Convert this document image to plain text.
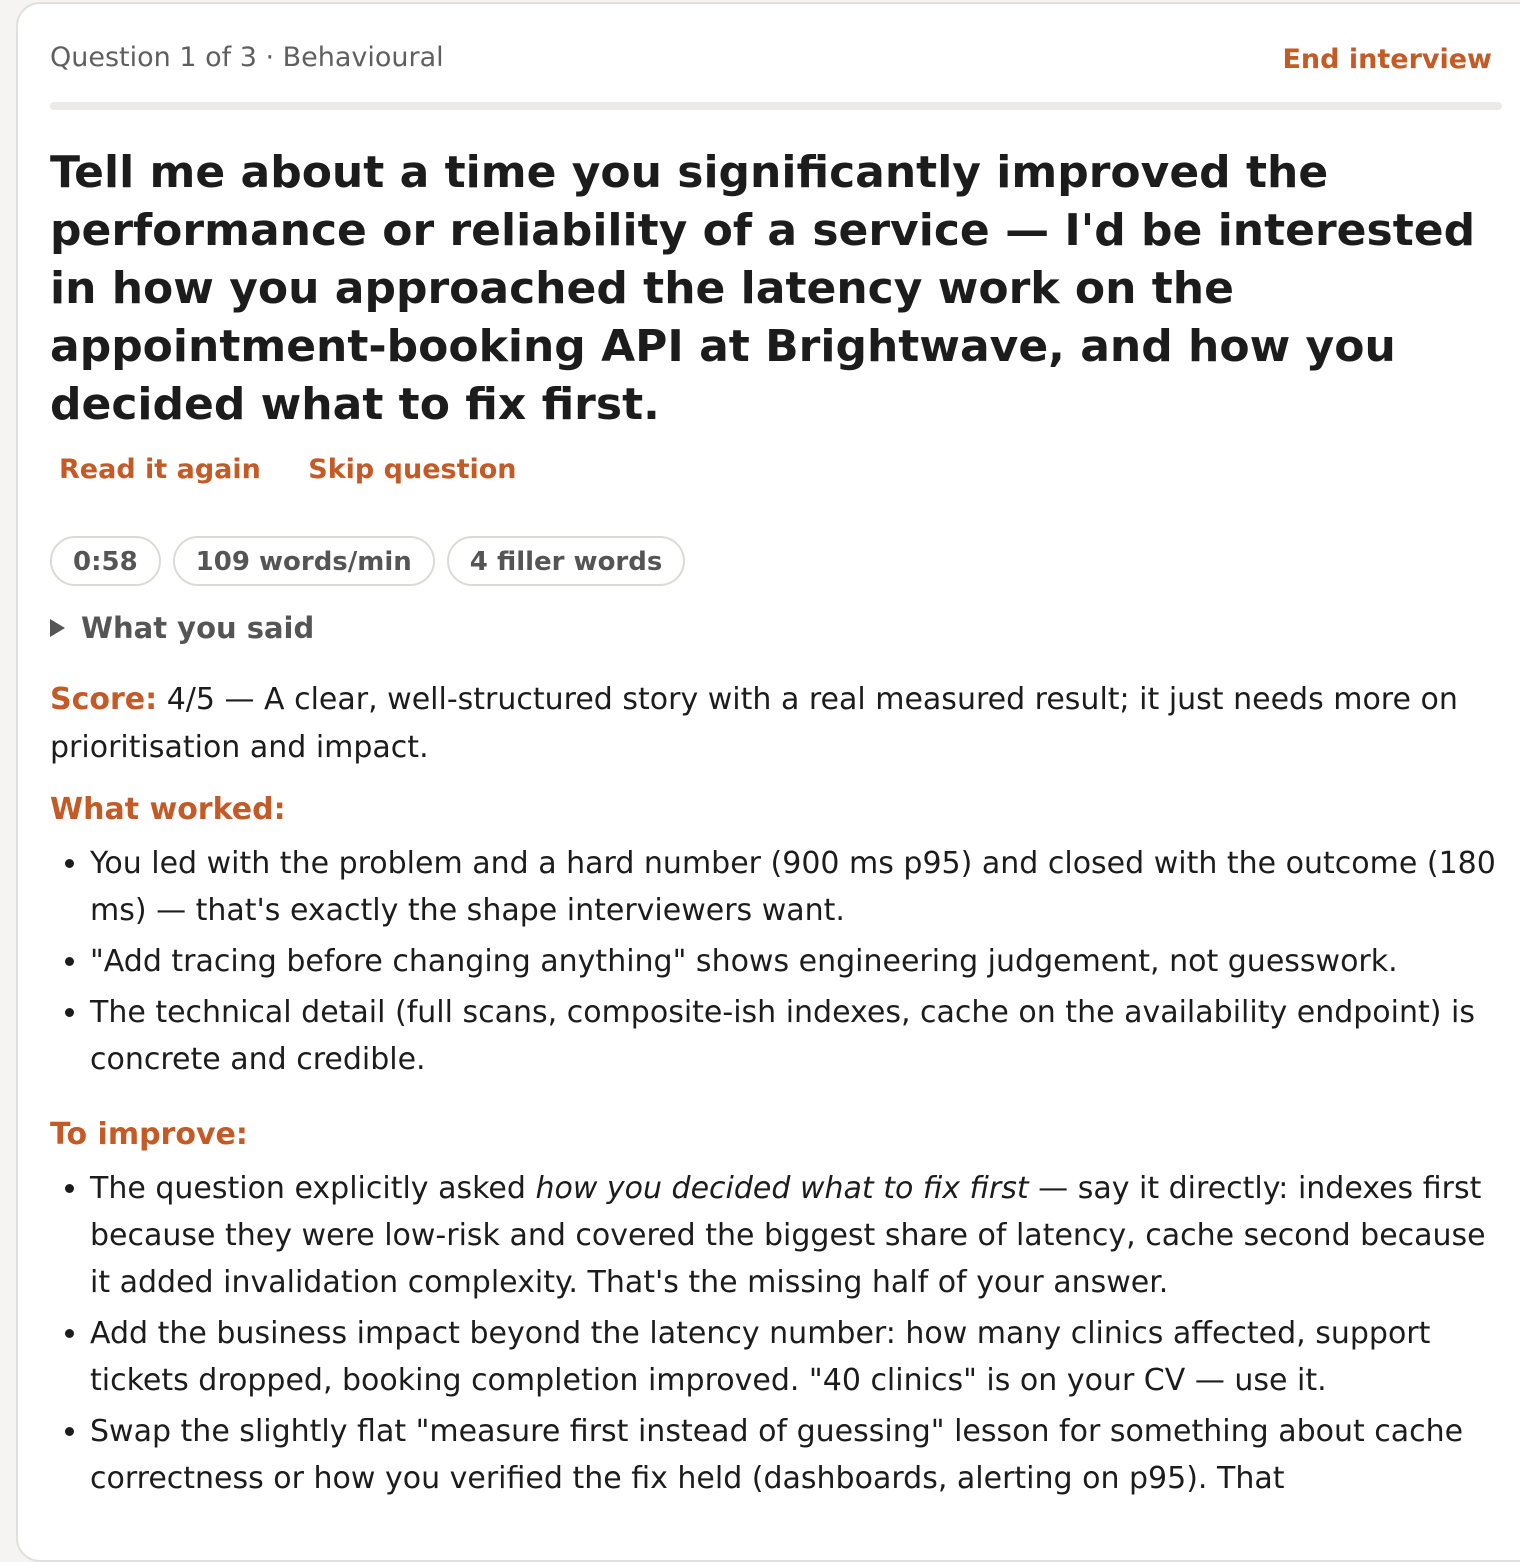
Question 1 of 3 · Behavioural	End interview
Tell me about a time you significantly improved the performance or reliability of a service — I'd be interested in how you approached the latency work on the appointment-booking API at Brightwave, and how you decided what to fix first.
Read it again Skip question
0:58	109 words/min	4 filler words
What you said

Score: 4/5 — A clear, well-structured story with a real measured result; it just needs more on prioritisation and impact.

What worked:

• You led with the problem and a hard number (900 ms p95) and closed with the outcome (180 ms) — that's exactly the shape interviewers want.
• "Add tracing before changing anything" shows engineering judgement, not guesswork.
• The technical detail (full scans, composite-ish indexes, cache on the availability endpoint) is concrete and credible.

To improve:

• The question explicitly asked how you decided what to fix first — say it directly: indexes first because they were low-risk and covered the biggest share of latency, cache second because it added invalidation complexity. That's the missing half of your answer.
• Add the business impact beyond the latency number: how many clinics affected, support tickets dropped, booking completion improved. "40 clinics" is on your CV — use it.
• Swap the slightly flat "measure first instead of guessing" lesson for something about cache correctness or how you verified the fix held (dashboards, alerting on p95). That
